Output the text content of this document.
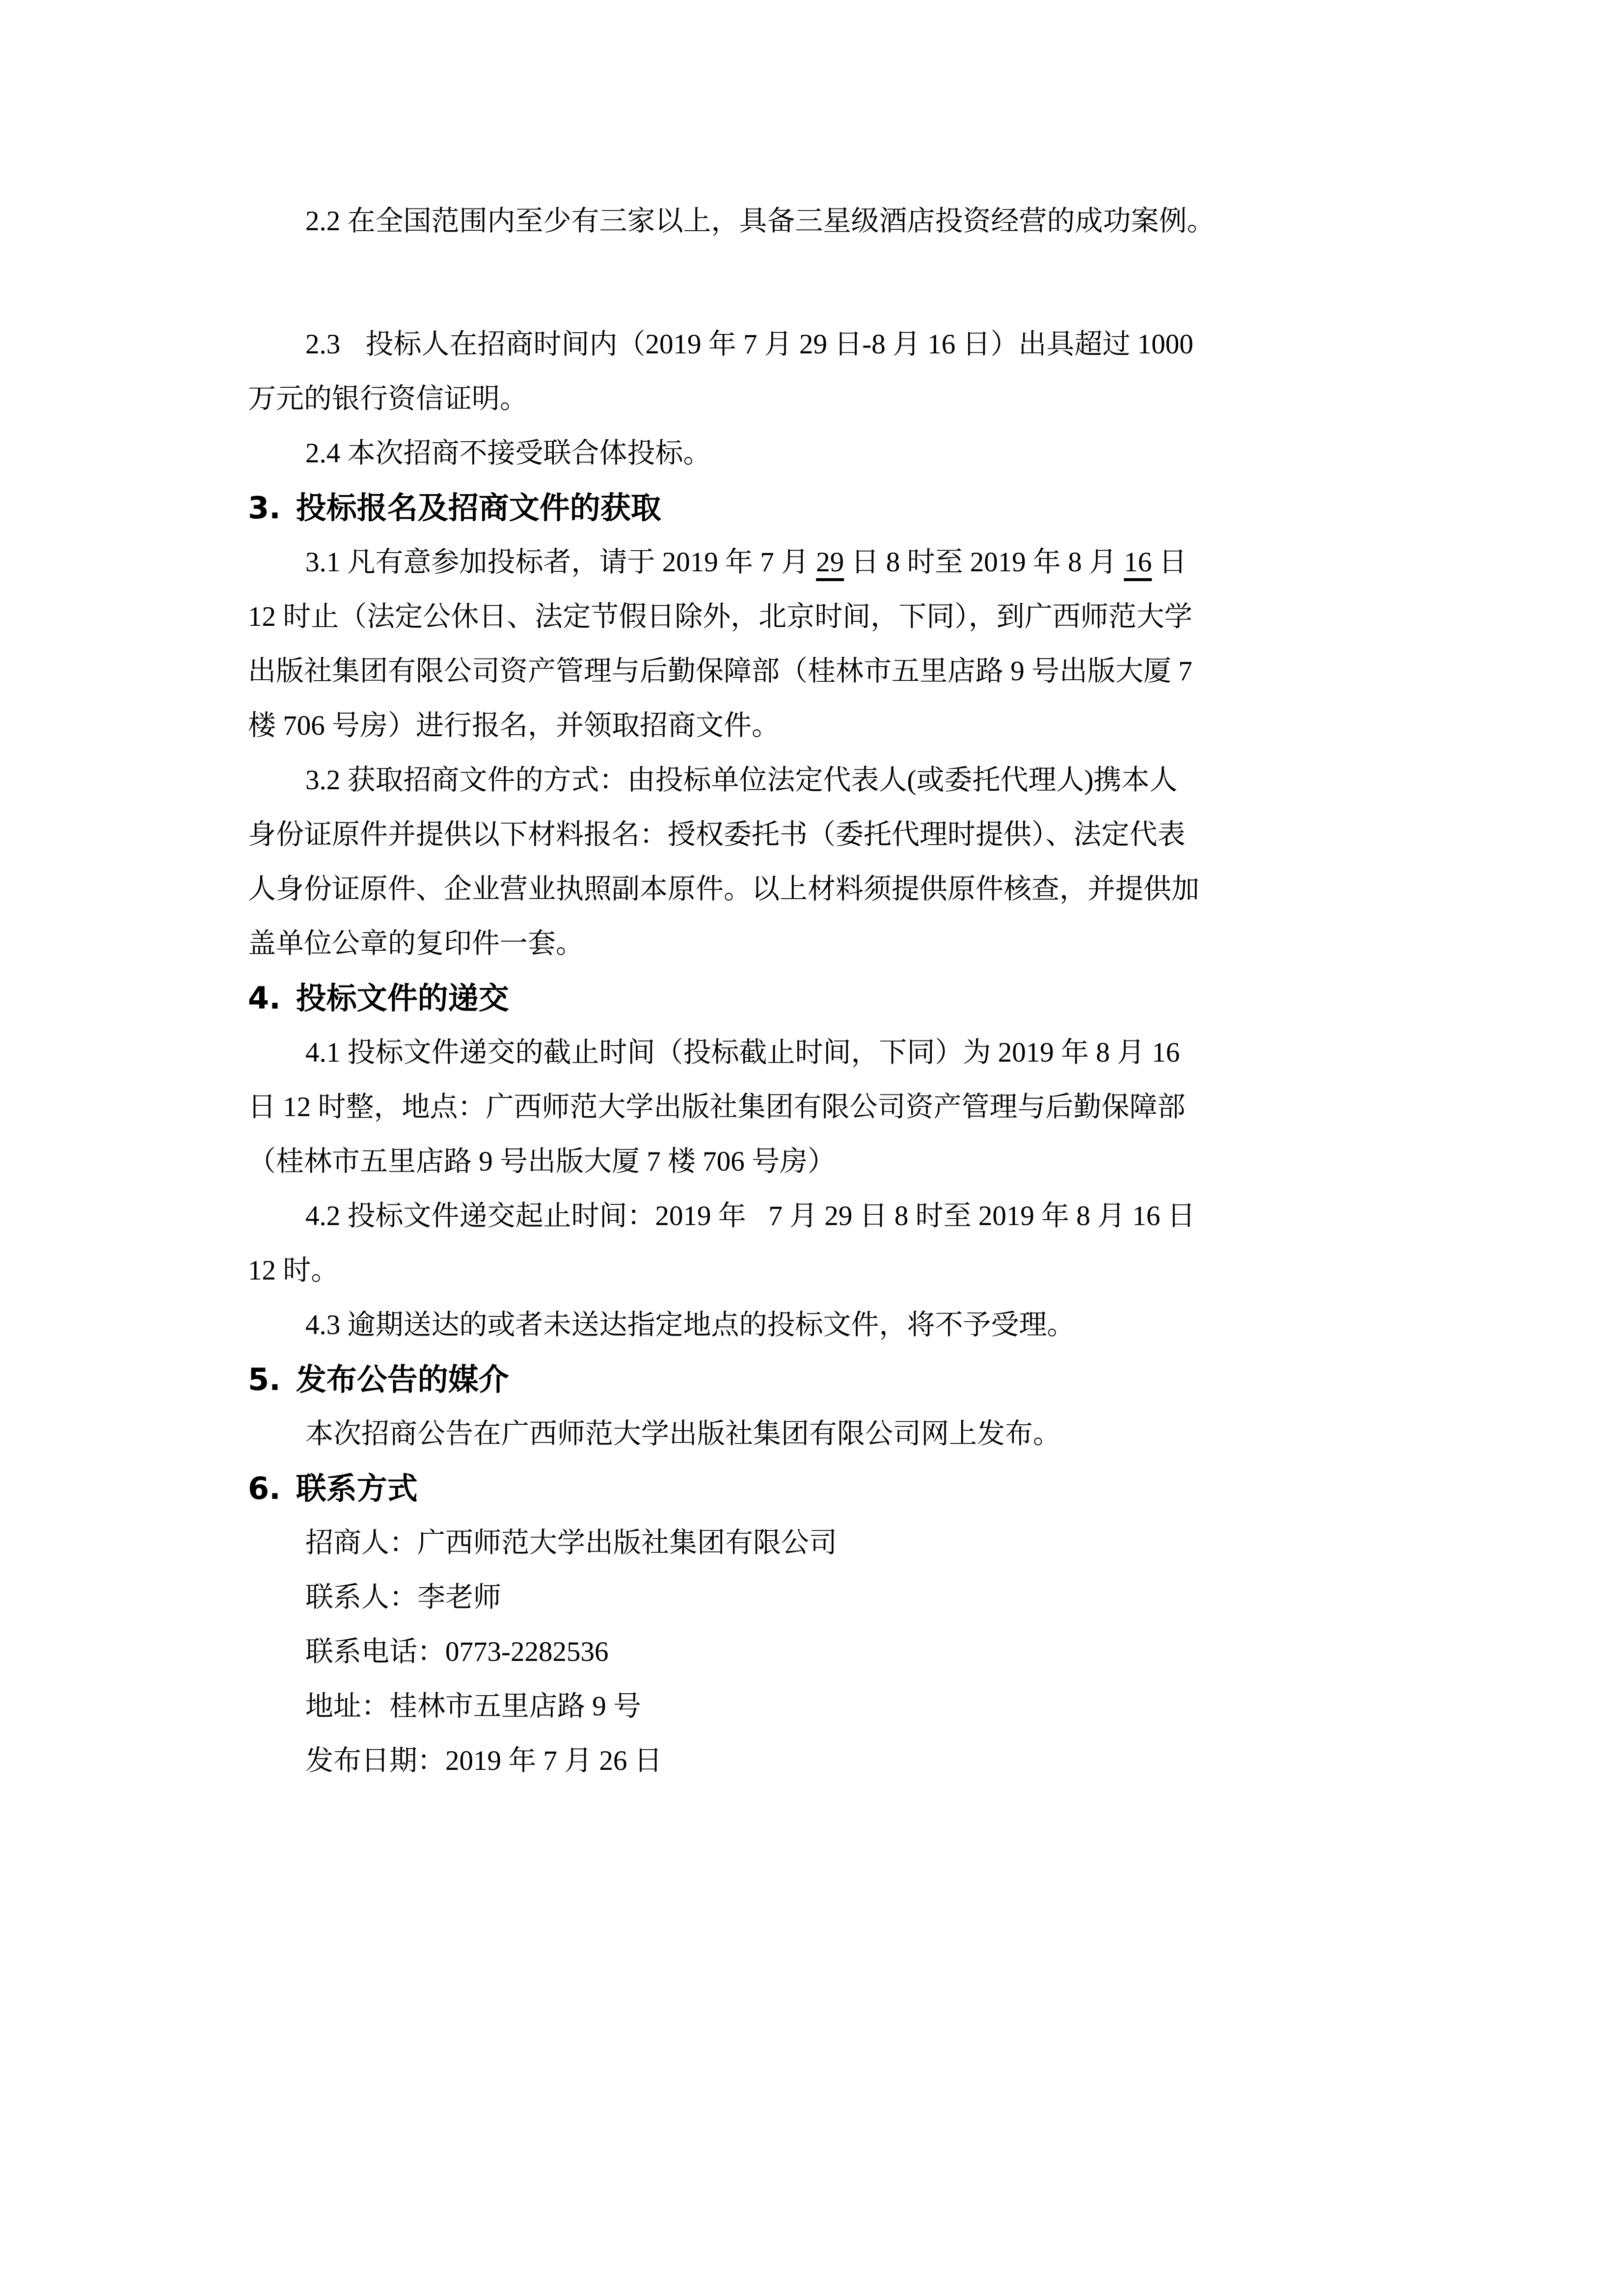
2.2 在全国范围内至少有三家以上，具备三星级酒店投资经营的成功案例。
2.3 投标人在招商时间内（2019 年 7 月 29 日-8 月 16 日）出具超过 1000
万元的银行资信证明。
2.4 本次招商不接受联合体投标。
3. 投标报名及招商文件的获取
3.1 凡有意参加投标者，请于 2019 年 7 月 29 日 8 时至 2019 年 8 月 16 日
12 时止（法定公休日、法定节假日除外，北京时间，下同），到广西师范大学
出版社集团有限公司资产管理与后勤保障部（桂林市五里店路 9 号出版大厦 7
楼 706 号房）进行报名，并领取招商文件。
3.2 获取招商文件的方式：由投标单位法定代表人(或委托代理人)携本人
身份证原件并提供以下材料报名：授权委托书（委托代理时提供）、法定代表
人身份证原件、企业营业执照副本原件。以上材料须提供原件核查，并提供加
盖单位公章的复印件一套。
4. 投标文件的递交
4.1 投标文件递交的截止时间（投标截止时间，下同）为 2019 年 8 月 16
日 12 时整，地点：广西师范大学出版社集团有限公司资产管理与后勤保障部
（桂林市五里店路 9 号出版大厦 7 楼 706 号房）
4.2 投标文件递交起止时间：2019 年 7 月 29 日 8 时至 2019 年 8 月 16 日
12 时。
4.3 逾期送达的或者未送达指定地点的投标文件，将不予受理。
5. 发布公告的媒介
本次招商公告在广西师范大学出版社集团有限公司网上发布。
6. 联系方式
招商人：广西师范大学出版社集团有限公司
联系人：李老师
联系电话：0773-2282536
地址：桂林市五里店路 9 号
发布日期：2019 年 7 月 26 日
